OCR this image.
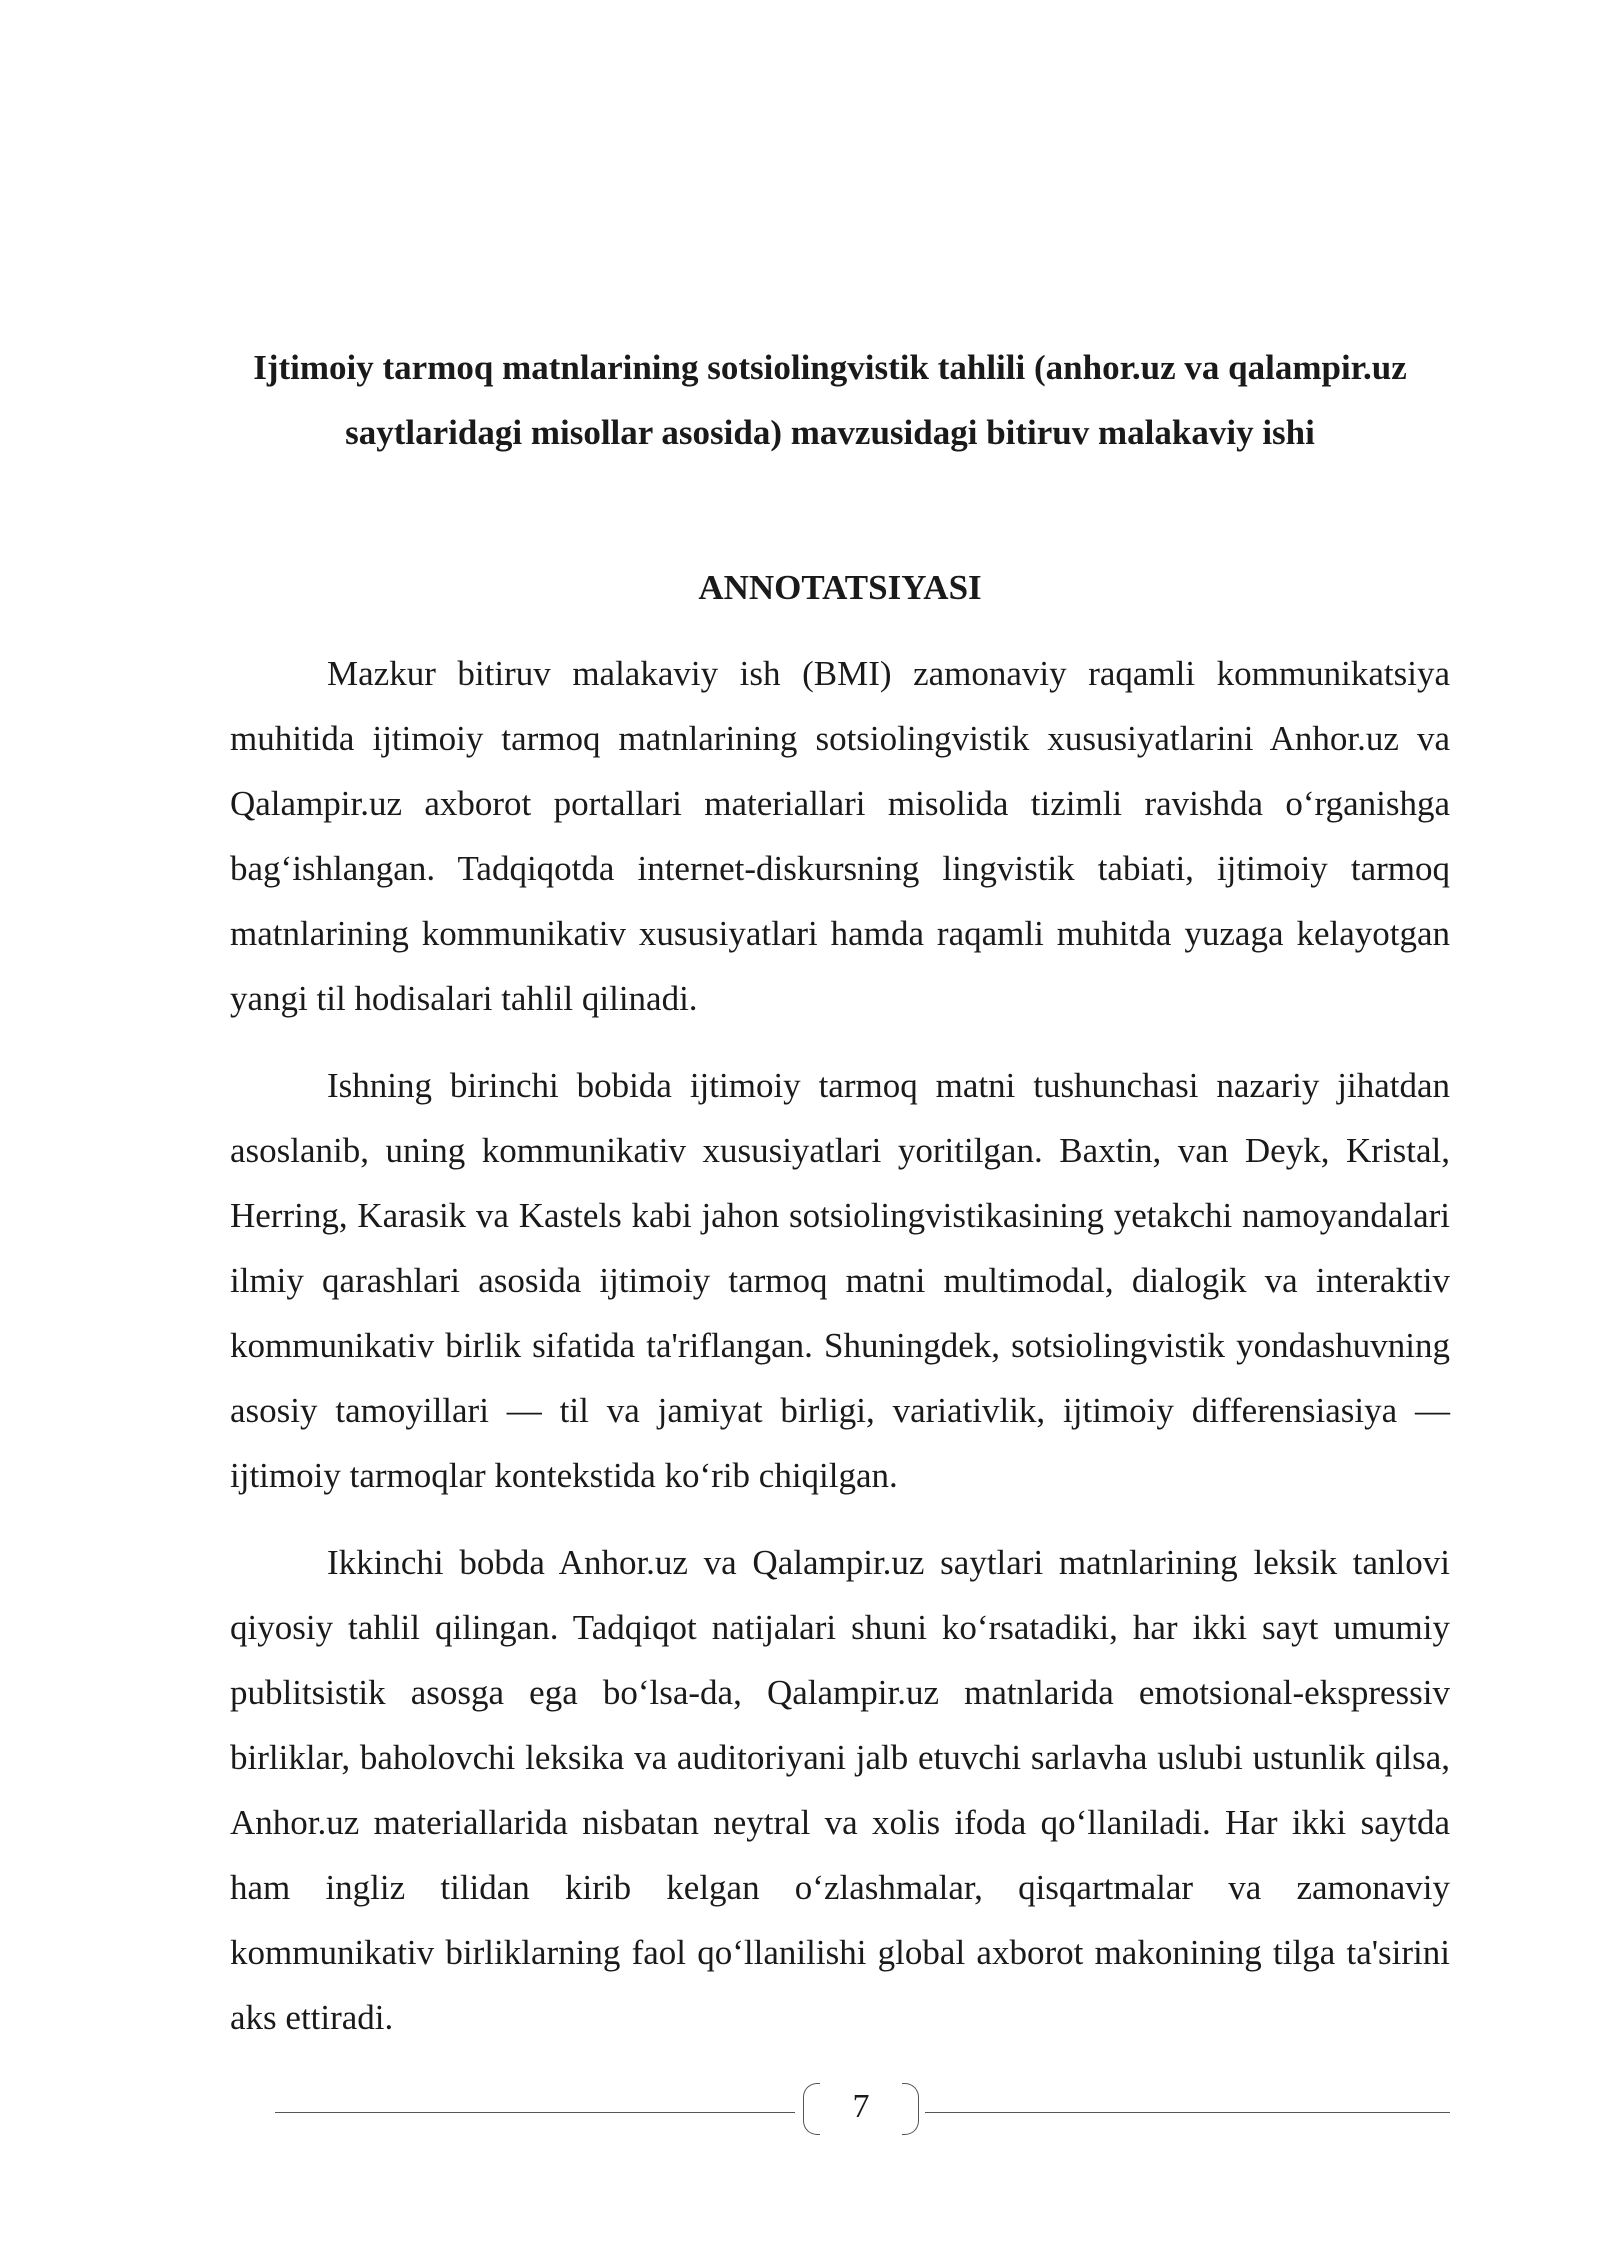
Ijtimoiy tarmoq matnlarining sotsiolingvistik tahlili (anhor.uz va qalampir.uz saytlaridagi misollar asosida) mavzusidagi bitiruv malakaviy ishi
ANNOTATSIYASI

Mazkur bitiruv malakaviy ish (BMI) zamonaviy raqamli kommunikatsiya muhitida ijtimoiy tarmoq matnlarining sotsiolingvistik xususiyatlarini Anhor.uz va Qalampir.uz axborot portallari materiallari misolida tizimli ravishda o‘rganishga bag‘ishlangan. Tadqiqotda internet-diskursning lingvistik tabiati, ijtimoiy tarmoq matnlarining kommunikativ xususiyatlari hamda raqamli muhitda yuzaga kelayotgan yangi til hodisalari tahlil qilinadi.

Ishning birinchi bobida ijtimoiy tarmoq matni tushunchasi nazariy jihatdan asoslanib, uning kommunikativ xususiyatlari yoritilgan. Baxtin, van Deyk, Kristal, Herring, Karasik va Kastels kabi jahon sotsiolingvistikasining yetakchi namoyandalari ilmiy qarashlari asosida ijtimoiy tarmoq matni multimodal, dialogik va interaktiv kommunikativ birlik sifatida ta'riflangan. Shuningdek, sotsiolingvistik yondashuvning asosiy tamoyillari — til va jamiyat birligi, variativlik, ijtimoiy differensiasiya — ijtimoiy tarmoqlar kontekstida ko‘rib chiqilgan.

Ikkinchi bobda Anhor.uz va Qalampir.uz saytlari matnlarining leksik tanlovi qiyosiy tahlil qilingan. Tadqiqot natijalari shuni ko‘rsatadiki, har ikki sayt umumiy publitsistik asosga ega bo‘lsa-da, Qalampir.uz matnlarida emotsional-ekspressiv birliklar, baholovchi leksika va auditoriyani jalb etuvchi sarlavha uslubi ustunlik qilsa, Anhor.uz materiallarida nisbatan neytral va xolis ifoda qo‘llaniladi. Har ikki saytda ham ingliz tilidan kirib kelgan o‘zlashmalar, qisqartmalar va zamonaviy kommunikativ birliklarning faol qo‘llanilishi global axborot makonining tilga ta'sirini aks ettiradi.

7
